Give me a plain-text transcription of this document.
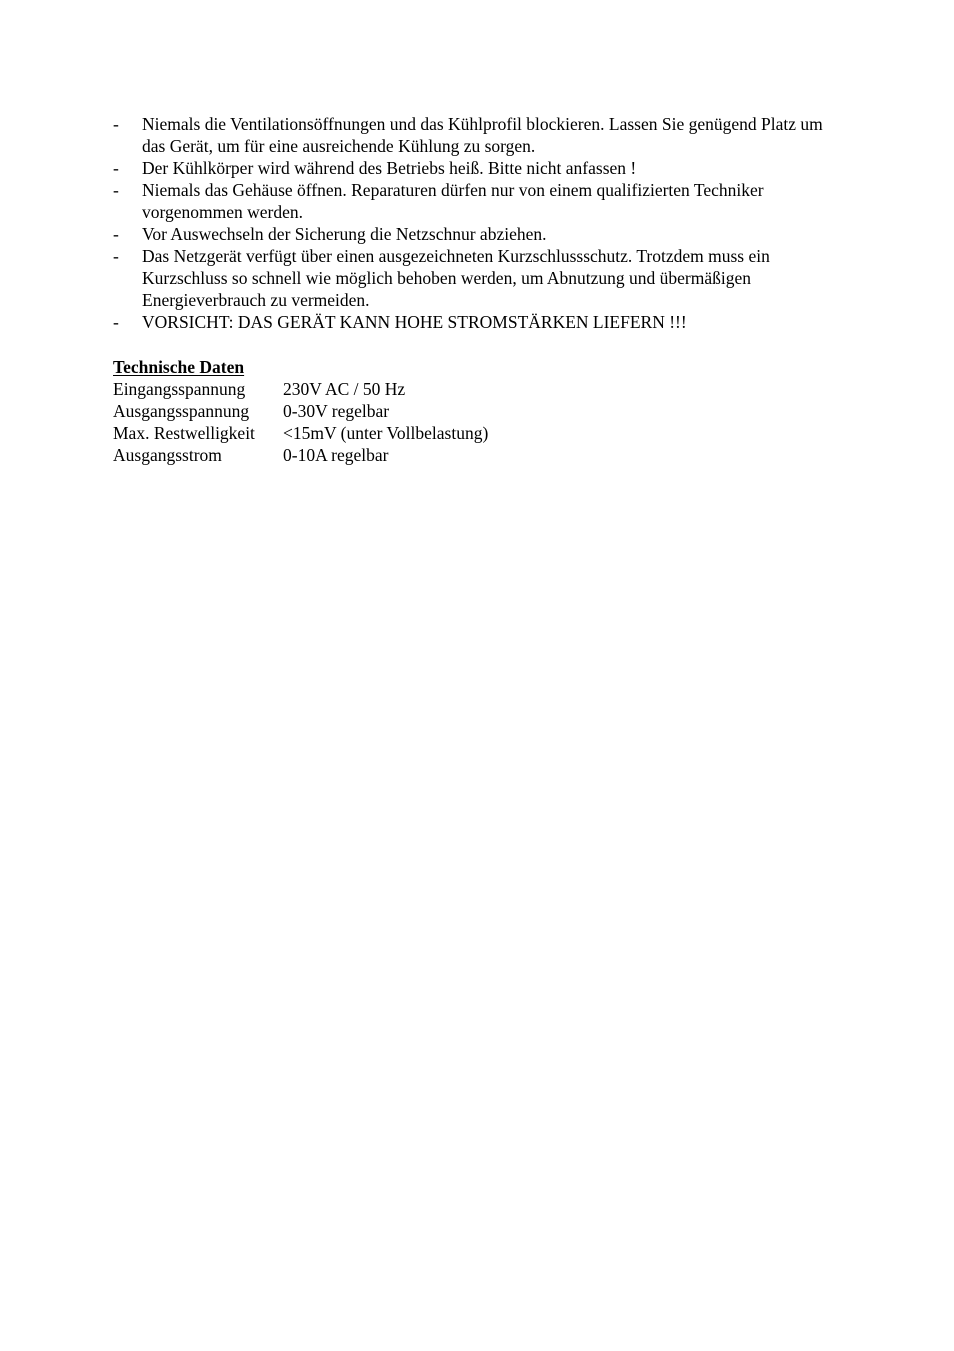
- Niemals die Ventilationsöffnungen und das Kühlprofil blockieren. Lassen Sie genügend Platz um das Gerät, um für eine ausreichende Kühlung zu sorgen.
- Der Kühlkörper wird während des Betriebs heiß. Bitte nicht anfassen !
- Niemals das Gehäuse öffnen. Reparaturen dürfen nur von einem qualifizierten Techniker vorgenommen werden.
- Vor Auswechseln der Sicherung die Netzschnur abziehen.
- Das Netzgerät verfügt über einen ausgezeichneten Kurzschlussschutz. Trotzdem muss ein Kurzschluss so schnell wie möglich behoben werden, um Abnutzung und übermäßigen Energieverbrauch zu vermeiden.
- VORSICHT: DAS GERÄT KANN HOHE STROMSTÄRKEN LIEFERN !!!

Technische Daten

Eingangsspannung	230V AC / 50 Hz
Ausgangsspannung	0-30V regelbar
Max. Restwelligkeit	<15mV (unter Vollbelastung)
Ausgangsstrom	0-10A regelbar
